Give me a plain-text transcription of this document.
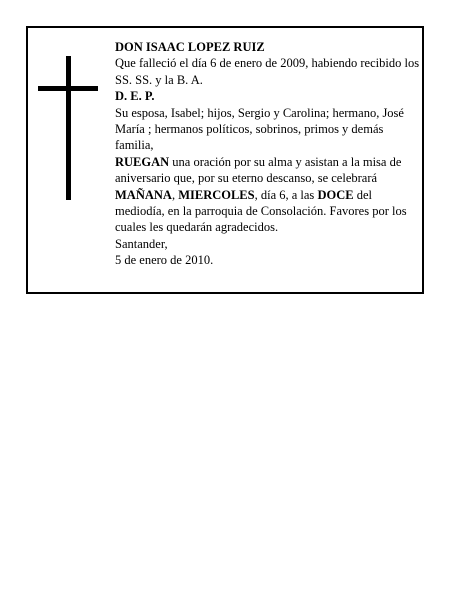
DON ISAAC LOPEZ RUIZ

Que falleció el día 6 de enero de 2009, habiendo recibido los SS. SS. y la B. A.

D. E. P.

Su esposa, Isabel; hijos, Sergio y Carolina; hermano, José María ; hermanos políticos, sobrinos, primos y demás familia,

RUEGAN una oración por su alma y asistan a la misa de aniversario que, por su eterno descanso, se celebrará MAÑANA, MIERCOLES, día 6, a las DOCE del mediodía, en la parroquia de Consolación. Favores por los cuales les quedarán agradecidos.

Santander,

5 de enero de 2010.
